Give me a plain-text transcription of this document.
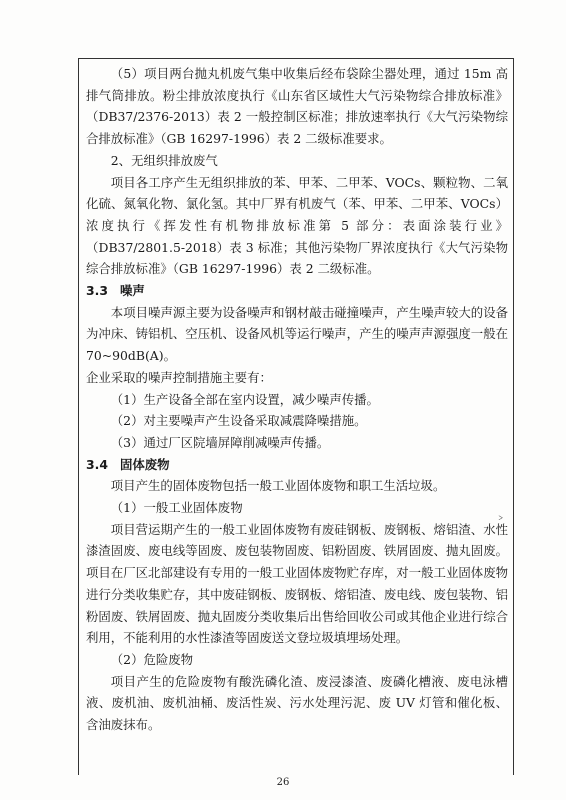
（5）项目两台抛丸机废气集中收集后经布袋除尘器处理，通过 15m 高排气筒排放。粉尘排放浓度执行《山东省区域性大气污染物综合排放标准》（DB37/2376-2013）表 2 一般控制区标准；排放速率执行《大气污染物综合排放标准》（GB 16297-1996）表 2 二级标准要求。

2、无组织排放废气

项目各工序产生无组织排放的苯、甲苯、二甲苯、VOCs、颗粒物、二氧化硫、氮氧化物、氯化氢。其中厂界有机废气（苯、甲苯、二甲苯、VOCs）浓度执行《挥发性有机物排放标准第 5 部分：表面涂装行业》（DB37/2801.5-2018）表 3 标准；其他污染物厂界浓度执行《大气污染物综合排放标准》（GB 16297-1996）表 2 二级标准。

3.3 噪声

本项目噪声源主要为设备噪声和钢材敲击碰撞噪声，产生噪声较大的设备为冲床、铸铝机、空压机、设备风机等运行噪声，产生的噪声声源强度一般在 70~90dB(A)。

企业采取的噪声控制措施主要有：

（1）生产设备全部在室内设置，减少噪声传播。

（2）对主要噪声产生设备采取减震降噪措施。

（3）通过厂区院墙屏障削减噪声传播。

3.4 固体废物

项目产生的固体废物包括一般工业固体废物和职工生活垃圾。

（1）一般工业固体废物

项目营运期产生的一般工业固体废物有废硅钢板、废钢板、熔铝渣、水性漆渣固废、废电线等固废、废包装物固废、铝粉固废、铁屑固废、抛丸固废。项目在厂区北部建设有专用的一般工业固体废物贮存库，对一般工业固体废物进行分类收集贮存，其中废硅钢板、废钢板、熔铝渣、废电线、废包装物、铝粉固废、铁屑固废、抛丸固废分类收集后出售给回收公司或其他企业进行综合利用，不能利用的水性漆渣等固废送文登垃圾填埋场处理。

（2）危险废物

项目产生的危险废物有酸洗磷化渣、废浸漆渣、废磷化槽液、废电泳槽液、废机油、废机油桶、废活性炭、污水处理污泥、废 UV 灯管和催化板、含油废抹布。

﹥
26
